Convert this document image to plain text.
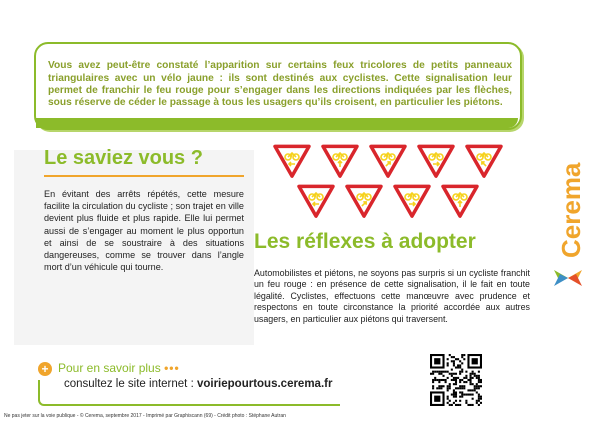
Vous avez peut-être constaté l’apparition sur certains feux tricolores de petits panneaux triangulaires avec un vélo jaune : ils sont destinés aux cyclistes. Cette signalisation leur permet de franchir le feu rouge pour s’engager dans les directions indiquées par les flèches, sous réserve de céder le passage à tous les usagers qu’ils croisent, en particulier les piétons.

Le saviez vous ?

En évitant des arrêts répétés, cette mesure facilite la circulation du cycliste ; son trajet en ville devient plus fluide et plus rapide. Elle lui permet aussi de s’engager au moment le plus opportun et ainsi de se soustraire à des situations dangereuses, comme se trouver dans l’angle mort d’un véhicule qui tourne.

Les réflexes à adopter

Automobilistes et piétons, ne soyons pas surpris si un cycliste franchit un feu rouge : en présence de cette signalisation, il le fait en toute légalité. Cyclistes, effectuons cette manœuvre avec prudence et respectons en toute circonstance la priorité accordée aux autres usagers, en particulier aux piétons qui traversent.

Cerema
+ Pour en savoir plus •••
consultez le site internet : voiriepourtous.cerema.fr
Ne pas jeter sur la voie publique - © Cerema, septembre 2017 - Imprimé par Graphiscann (69) - Crédit photo : Stéphane Autran
